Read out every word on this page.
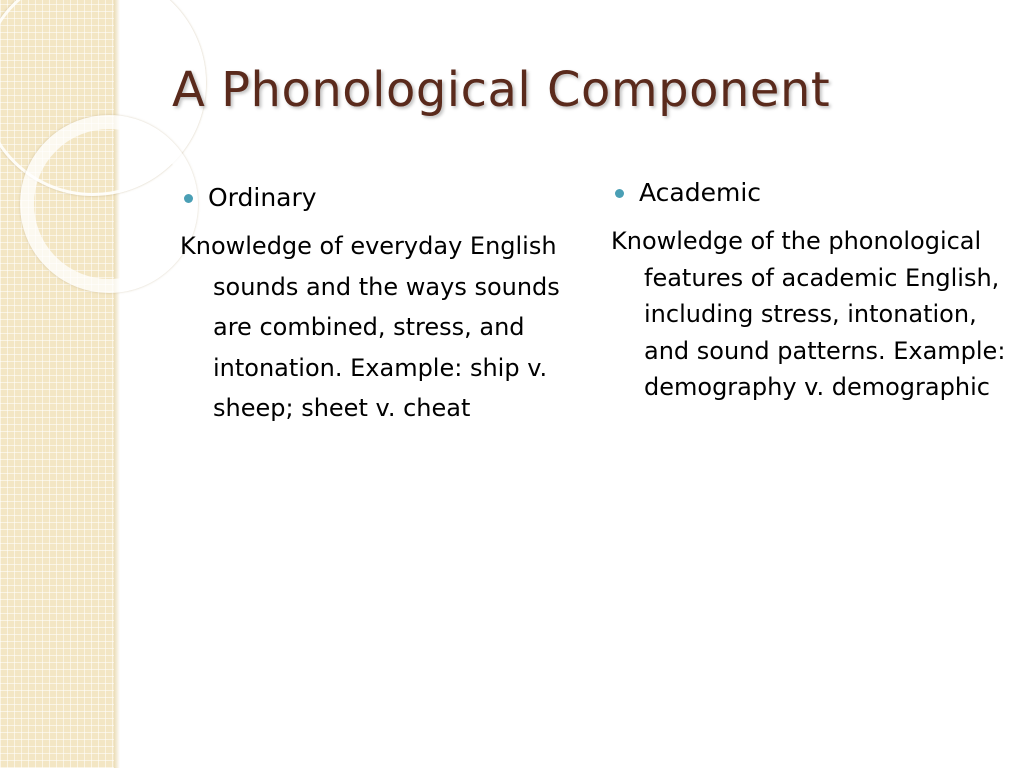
A Phonological Component
Ordinary

Knowledge of everyday English sounds and the ways sounds are combined, stress, and intonation. Example: ship v. sheep; sheet v. cheat

Academic

Knowledge of the phonological features of academic English, including stress, intonation, and sound patterns. Example: demography v. demographic
